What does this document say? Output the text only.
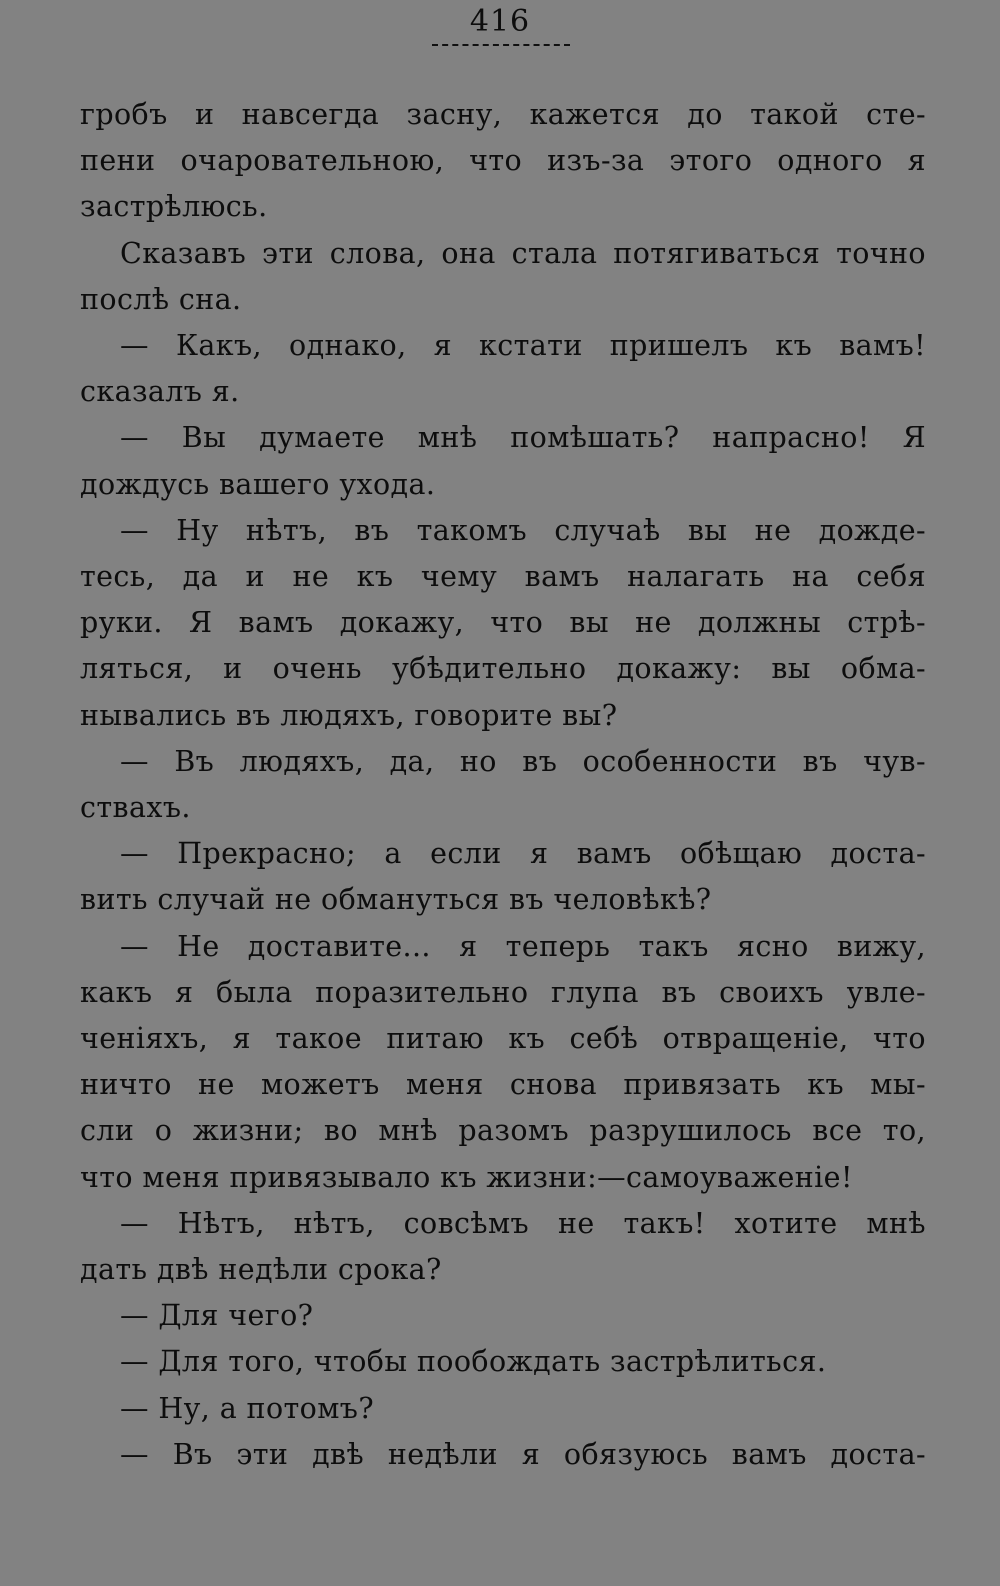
416

гробъ и навсегда засну, кажется до такой сте-

пени очаровательною, что изъ-за этого одного я

застрѣлюсь.

Сказавъ эти слова, она стала потягиваться точно

послѣ сна.

— Какъ, однако, я кстати пришелъ къ вамъ!

сказалъ я.

— Вы думаете мнѣ помѣшать? напрасно! Я

дождусь вашего ухода.

— Ну нѣтъ, въ такомъ случаѣ вы не дожде-

тесь, да и не къ чему вамъ налагать на себя

руки. Я вамъ докажу, что вы не должны стрѣ-

ляться, и очень убѣдительно докажу: вы обма-

нывались въ людяхъ, говорите вы?

— Въ людяхъ, да, но въ особенности въ чув-

ствахъ.

— Прекрасно; а если я вамъ обѣщаю доста-

вить случай не обмануться въ человѣкѣ?

— Не доставите... я теперь такъ ясно вижу,

какъ я была поразительно глупа въ своихъ увле-

ченіяхъ, я такое питаю къ себѣ отвращеніе, что

ничто не можетъ меня снова привязать къ мы-

сли о жизни; во мнѣ разомъ разрушилось все то,

что меня привязывало къ жизни:—самоуваженіе!

— Нѣтъ, нѣтъ, совсѣмъ не такъ! хотите мнѣ

дать двѣ недѣли срока?

— Для чего?

— Для того, чтобы пообождать застрѣлиться.

— Ну, а потомъ?

— Въ эти двѣ недѣли я обязуюсь вамъ доста-
